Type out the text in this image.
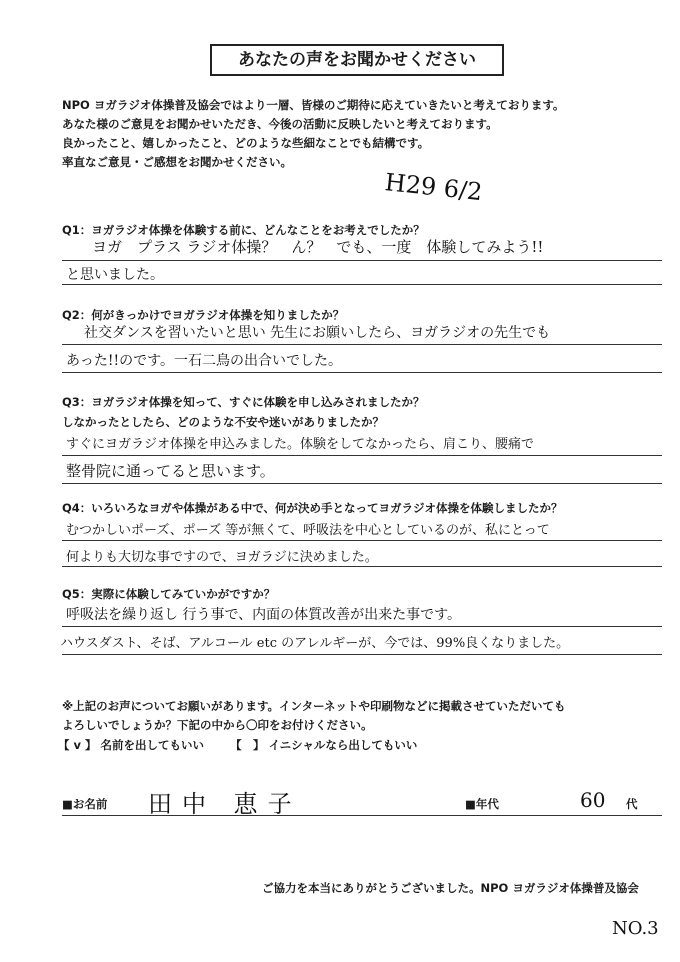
あなたの声をお聞かせください
NPO ヨガラジオ体操普及協会ではより一層、皆様のご期待に応えていきたいと考えております。
あなた様のご意見をお聞かせいただき、今後の活動に反映したいと考えております。
良かったこと、嬉しかったこと、どのような些細なことでも結構です。
率直なご意見・ご感想をお聞かせください。
H29 6/2
Q1：ヨガラジオ体操を体験する前に、どんなことをお考えでしたか？
ヨガ　プラス ラジオ体操？　ん？　でも、一度　体験してみよう!!
と思いました。
Q2：何がきっかけでヨガラジオ体操を知りましたか？
社交ダンスを習いたいと思い 先生にお願いしたら、ヨガラジオの先生でも
あった!!のです。一石二鳥の出合いでした。
Q3：ヨガラジオ体操を知って、すぐに体験を申し込みされましたか？
しなかったとしたら、どのような不安や迷いがありましたか？
すぐにヨガラジオ体操を申込みました。体験をしてなかったら、肩こり、腰痛で
整骨院に通ってると思います。
Q4：いろいろなヨガや体操がある中で、何が決め手となってヨガラジオ体操を体験しましたか？
むつかしいポーズ、ポーズ 等が無くて、呼吸法を中心としているのが、私にとって
何よりも大切な事ですので、ヨガラジに決めました。
Q5：実際に体験してみていかがですか？
呼吸法を繰り返し 行う事で、内面の体質改善が出来た事です。
ハウスダスト、そば、アルコール etc のアレルギーが、今では、99%良くなりました。
※上記のお声についてお願いがあります。インターネットや印刷物などに掲載させていただいても
よろしいでしょうか？下記の中から〇印をお付けください。
【 v 】 名前を出してもいい 【　】 イニシャルなら出してもいい
■お名前 田中 恵子	■年代	60 代
ご協力を本当にありがとうございました。NPO ヨガラジオ体操普及協会
NO.3
